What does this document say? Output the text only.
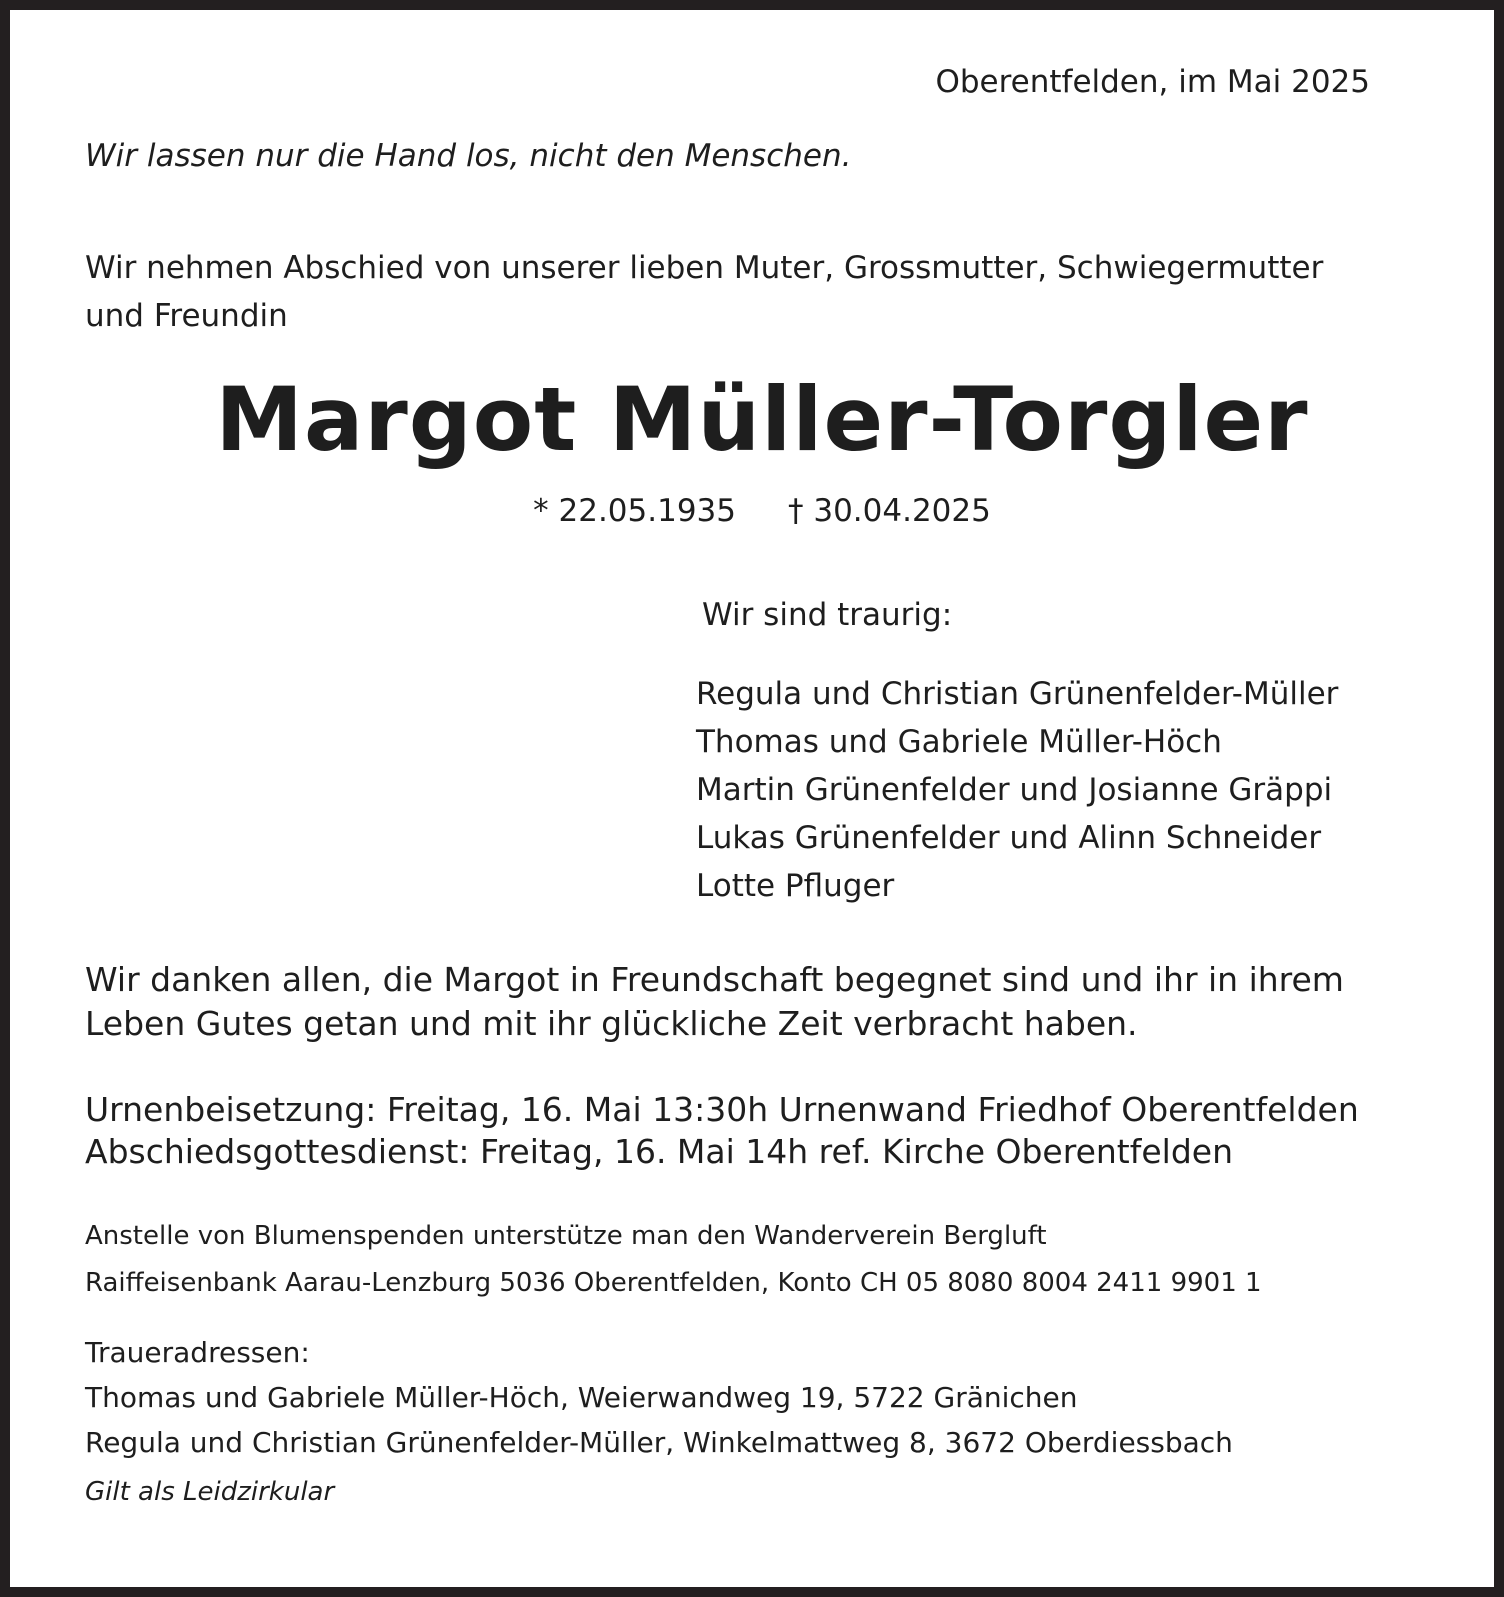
Oberentfelden, im Mai 2025
Wir lassen nur die Hand los, nicht den Menschen.
Wir nehmen Abschied von unserer lieben Muter, Grossmutter, Schwiegermutter
und Freundin
Margot Müller-Torgler
* 22.05.1935 † 30.04.2025
Wir sind traurig:
Regula und Christian Grünenfelder-Müller
Thomas und Gabriele Müller-Höch
Martin Grünenfelder und Josianne Gräppi
Lukas Grünenfelder und Alinn Schneider
Lotte Pfluger
Wir danken allen, die Margot in Freundschaft begegnet sind und ihr in ihrem
Leben Gutes getan und mit ihr glückliche Zeit verbracht haben.
Urnenbeisetzung: Freitag, 16. Mai 13:30h Urnenwand Friedhof Oberentfelden
Abschiedsgottesdienst: Freitag, 16. Mai 14h ref. Kirche Oberentfelden
Anstelle von Blumenspenden unterstütze man den Wanderverein Bergluft
Raiffeisenbank Aarau-Lenzburg 5036 Oberentfelden, Konto CH 05 8080 8004 2411 9901 1
Traueradressen:
Thomas und Gabriele Müller-Höch, Weierwandweg 19, 5722 Gränichen
Regula und Christian Grünenfelder-Müller, Winkelmattweg 8, 3672 Oberdiessbach
Gilt als Leidzirkular
